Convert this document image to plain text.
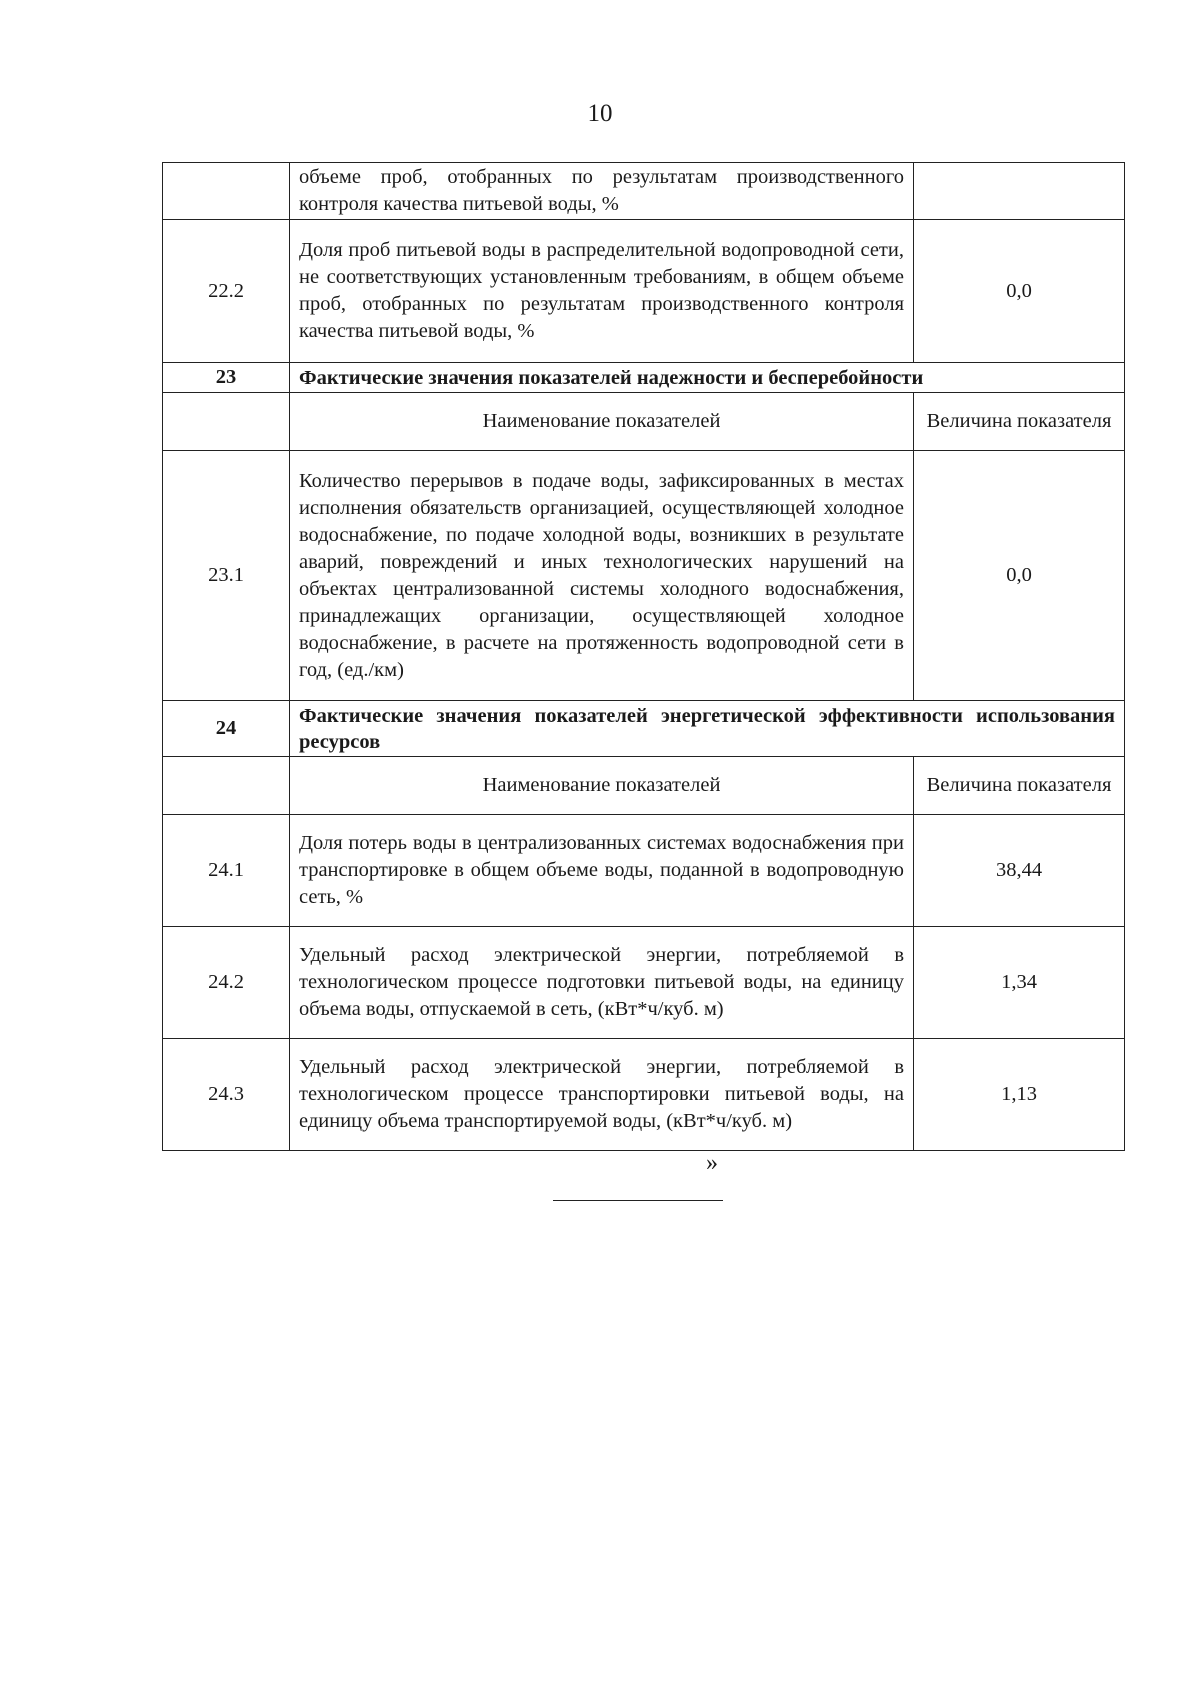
10
	объеме проб, отобранных по результатам производственного контроля качества питьевой воды, %	
22.2	Доля проб питьевой воды в распределительной водопроводной сети, не соответствующих установленным требованиям, в общем объеме проб, отобранных по результатам производственного контроля качества питьевой воды, %	0,0
23	Фактические значения показателей надежности и бесперебойности	
	Наименование показателей	Величина показателя
23.1	Количество перерывов в подаче воды, зафиксированных в местах исполнения обязательств организацией, осуществляющей холодное водоснабжение, по подаче холодной воды, возникших в результате аварий, повреждений и иных технологических нарушений на объектах централизованной системы холодного водоснабжения, принадлежащих организации, осуществляющей холодное водоснабжение, в расчете на протяженность водопроводной сети в год, (ед./км)	0,0
24	Фактические значения показателей энергетической эффективности использования ресурсов	
	Наименование показателей	Величина показателя
24.1	Доля потерь воды в централизованных системах водоснабжения при транспортировке в общем объеме воды, поданной в водопроводную сеть, %	38,44
24.2	Удельный расход электрической энергии, потребляемой в технологическом процессе подготовки питьевой воды, на единицу объема воды, отпускаемой в сеть, (кВт*ч/куб. м)	1,34
24.3	Удельный расход электрической энергии, потребляемой в технологическом процессе транспортировки питьевой воды, на единицу объема транспортируемой воды, (кВт*ч/куб. м)	1,13
»
